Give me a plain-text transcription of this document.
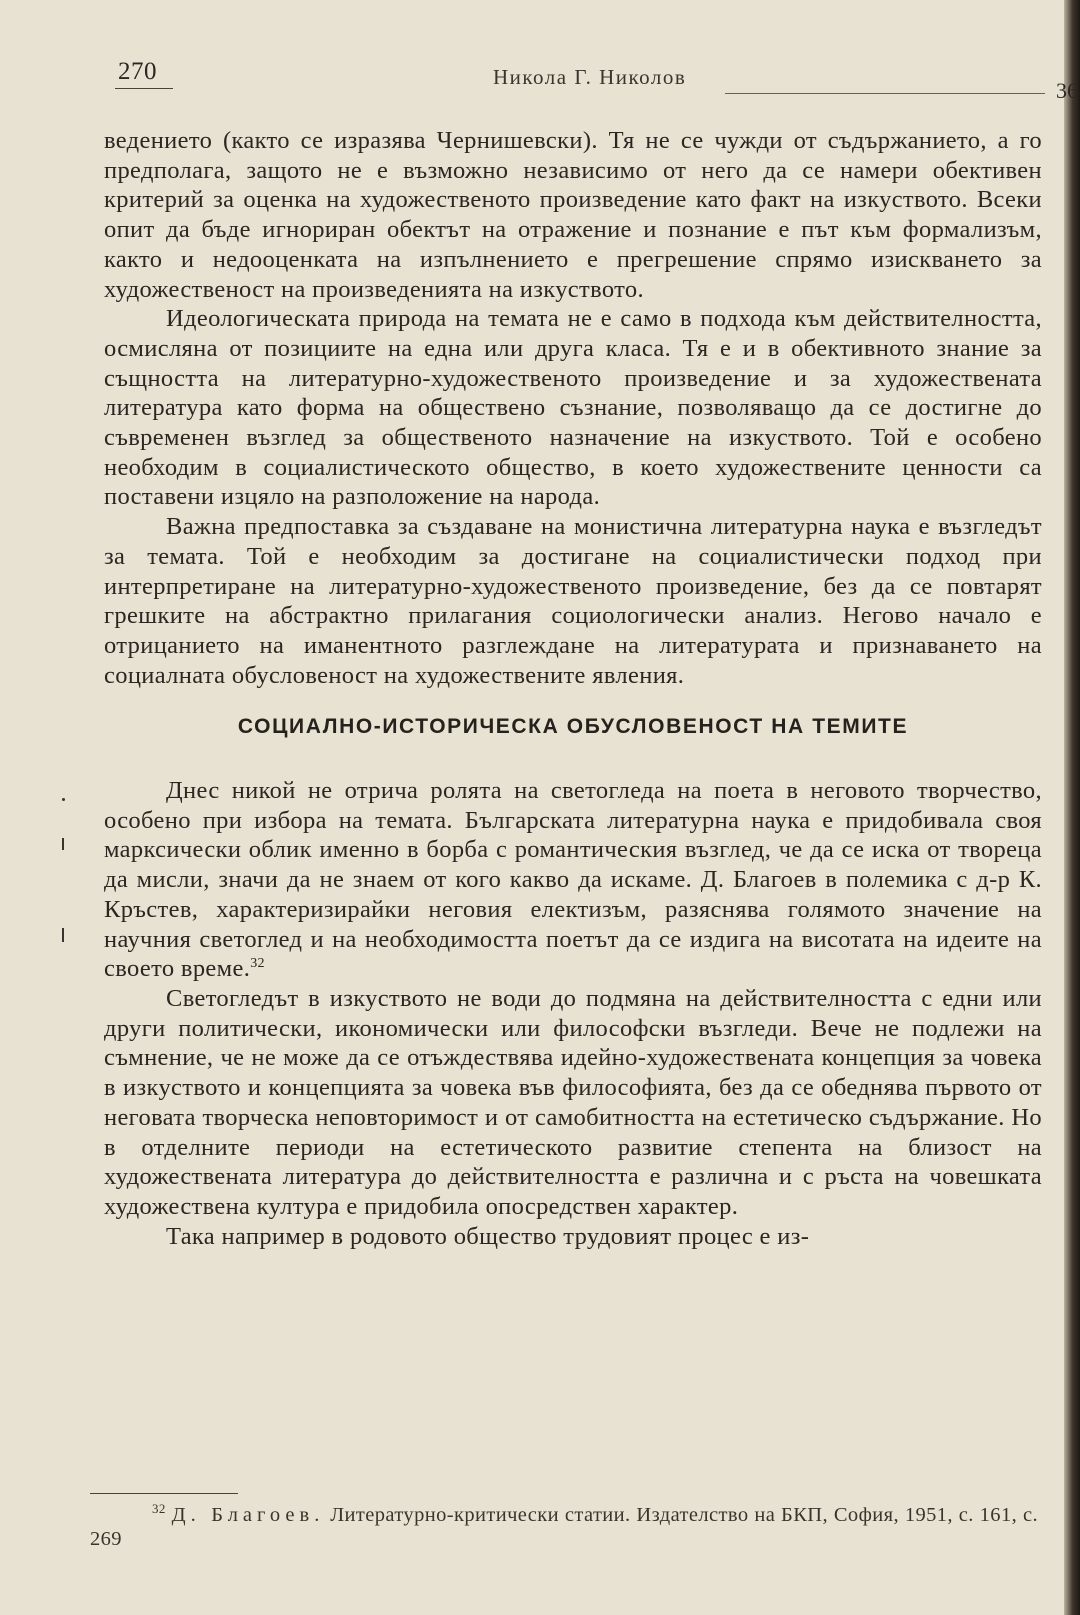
270	Никола Г. Николов

ведението (както се изразява Чернишевски). Тя не се чужди от съдържанието, а го предполага, защото не е възможно независимо от него да се намери обективен критерий за оценка на художественото произведение като факт на изкуството. Всеки опит да бъде игнориран обектът на отражение и познание е път към формализъм, както и недооценката на изпълнението е прегрешение спрямо изискването за художественост на произведенията на изкуството.

Идеологическата природа на темата не е само в подхода към действителността, осмисляна от позициите на една или друга класа. Тя е и в обективното знание за същността на литературно-художественото произведение и за художествената литература като форма на обществено съзнание, позволяващо да се достигне до съвременен възглед за общественото назначение на изкуството. Той е особено необходим в социалистическото общество, в което художествените ценности са поставени изцяло на разположение на народа.

Важна предпоставка за създаване на монистична литературна наука е възгледът за темата. Той е необходим за достигане на социалистически подход при интерпретиране на литературно-художественото произведение, без да се повтарят грешките на абстрактно прилагания социологически анализ. Негово начало е отрицанието на иманентното разглеждане на литературата и признаването на социалната обусловеност на художествените явления.

СОЦИАЛНО-ИСТОРИЧЕСКА ОБУСЛОВЕНОСТ НА ТЕМИТЕ

Днес никой не отрича ролята на светогледа на поета в неговото творчество, особено при избора на темата. Българската литературна наука е придобивала своя марксически облик именно в борба с романтическия възглед, че да се иска от твореца да мисли, значи да не знаем от кого какво да искаме. Д. Благоев в полемика с д-р К. Кръстев, характеризирайки неговия електизъм, разяснява голямото значение на научния светоглед и на необходимостта поетът да се издига на висотата на идеите на своето време.$^{32}$

Светогледът в изкуството не води до подмяна на действителността с едни или други политически, икономически или философски възгледи. Вече не подлежи на съмнение, че не може да се отъждествява идейно-художествената концепция за човека в изкуството и концепцията за човека във философията, без да се обеднява първото от неговата творческа неповторимост и от самобитността на естетическо съдържание. Но в отделните периоди на естетическото развитие степента на близост на художествената литература до действителността е различна и с ръста на човешката художествена култура е придобила опосредствен характер.

Така например в родовото общество трудовият процес е из-

$^{32}$ Д. Благоев. Литературно-критически статии. Издателство на БКП, София, 1951, с. 161, с. 269
36
